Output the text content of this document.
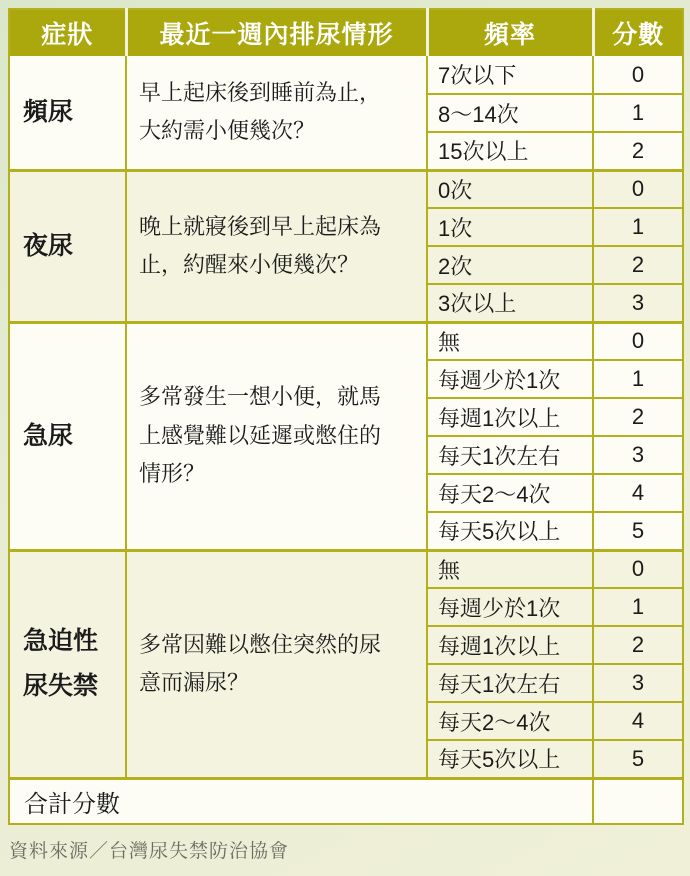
症狀	最近一週內排尿情形	頻率	分數
頻尿	早上起床後到睡前為止，大約需小便幾次？	7次以下	0
		8〜14次	1
		15次以上	2
夜尿	晚上就寢後到早上起床為止，約醒來小便幾次？	0次	0
		1次	1
		2次	2
		3次以上	3
急尿	多常發生一想小便，就馬上感覺難以延遲或憋住的情形？	無	0
		每週少於1次	1
		每週1次以上	2
		每天1次左右	3
		每天2〜4次	4
		每天5次以上	5
急迫性尿失禁	多常因難以憋住突然的尿意而漏尿？	無	0
		每週少於1次	1
		每週1次以上	2
		每天1次左右	3
		每天2〜4次	4
		每天5次以上	5
合計分數			
資料來源／台灣尿失禁防治協會
